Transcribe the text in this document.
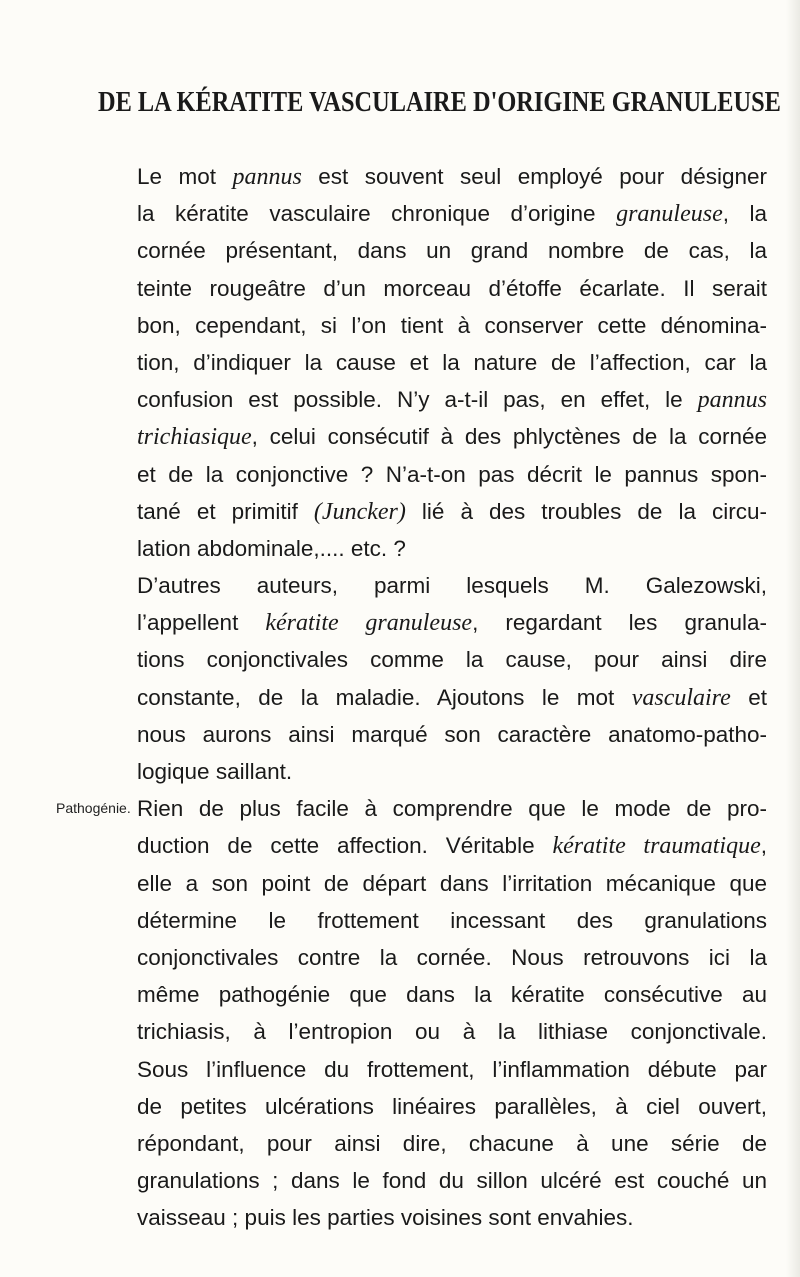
DE LA KÉRATITE VASCULAIRE D'ORIGINE GRANULEUSE
Pathogénie.
Le mot pannus est souvent seul employé pour désigner
la kératite vasculaire chronique d’origine granuleuse, la
cornée présentant, dans un grand nombre de cas, la
teinte rougeâtre d’un morceau d’étoffe écarlate. Il serait
bon, cependant, si l’on tient à conserver cette dénomina-
tion, d’indiquer la cause et la nature de l’affection, car la
confusion est possible. N’y a-t-il pas, en effet, le pannus
trichiasique, celui consécutif à des phlyctènes de la cornée
et de la conjonctive ? N’a-t-on pas décrit le pannus spon-
tané et primitif (Juncker) lié à des troubles de la circu-
lation abdominale,.... etc. ?
D’autres auteurs, parmi lesquels M. Galezowski,
l’appellent kératite granuleuse, regardant les granula-
tions conjonctivales comme la cause, pour ainsi dire
constante, de la maladie. Ajoutons le mot vasculaire et
nous aurons ainsi marqué son caractère anatomo-patho-
logique saillant.
Rien de plus facile à comprendre que le mode de pro-
duction de cette affection. Véritable kératite traumatique,
elle a son point de départ dans l’irritation mécanique que
détermine le frottement incessant des granulations
conjonctivales contre la cornée. Nous retrouvons ici la
même pathogénie que dans la kératite consécutive au
trichiasis, à l’entropion ou à la lithiase conjonctivale.
Sous l’influence du frottement, l’inflammation débute par
de petites ulcérations linéaires parallèles, à ciel ouvert,
répondant, pour ainsi dire, chacune à une série de
granulations ; dans le fond du sillon ulcéré est couché un
vaisseau ; puis les parties voisines sont envahies.
